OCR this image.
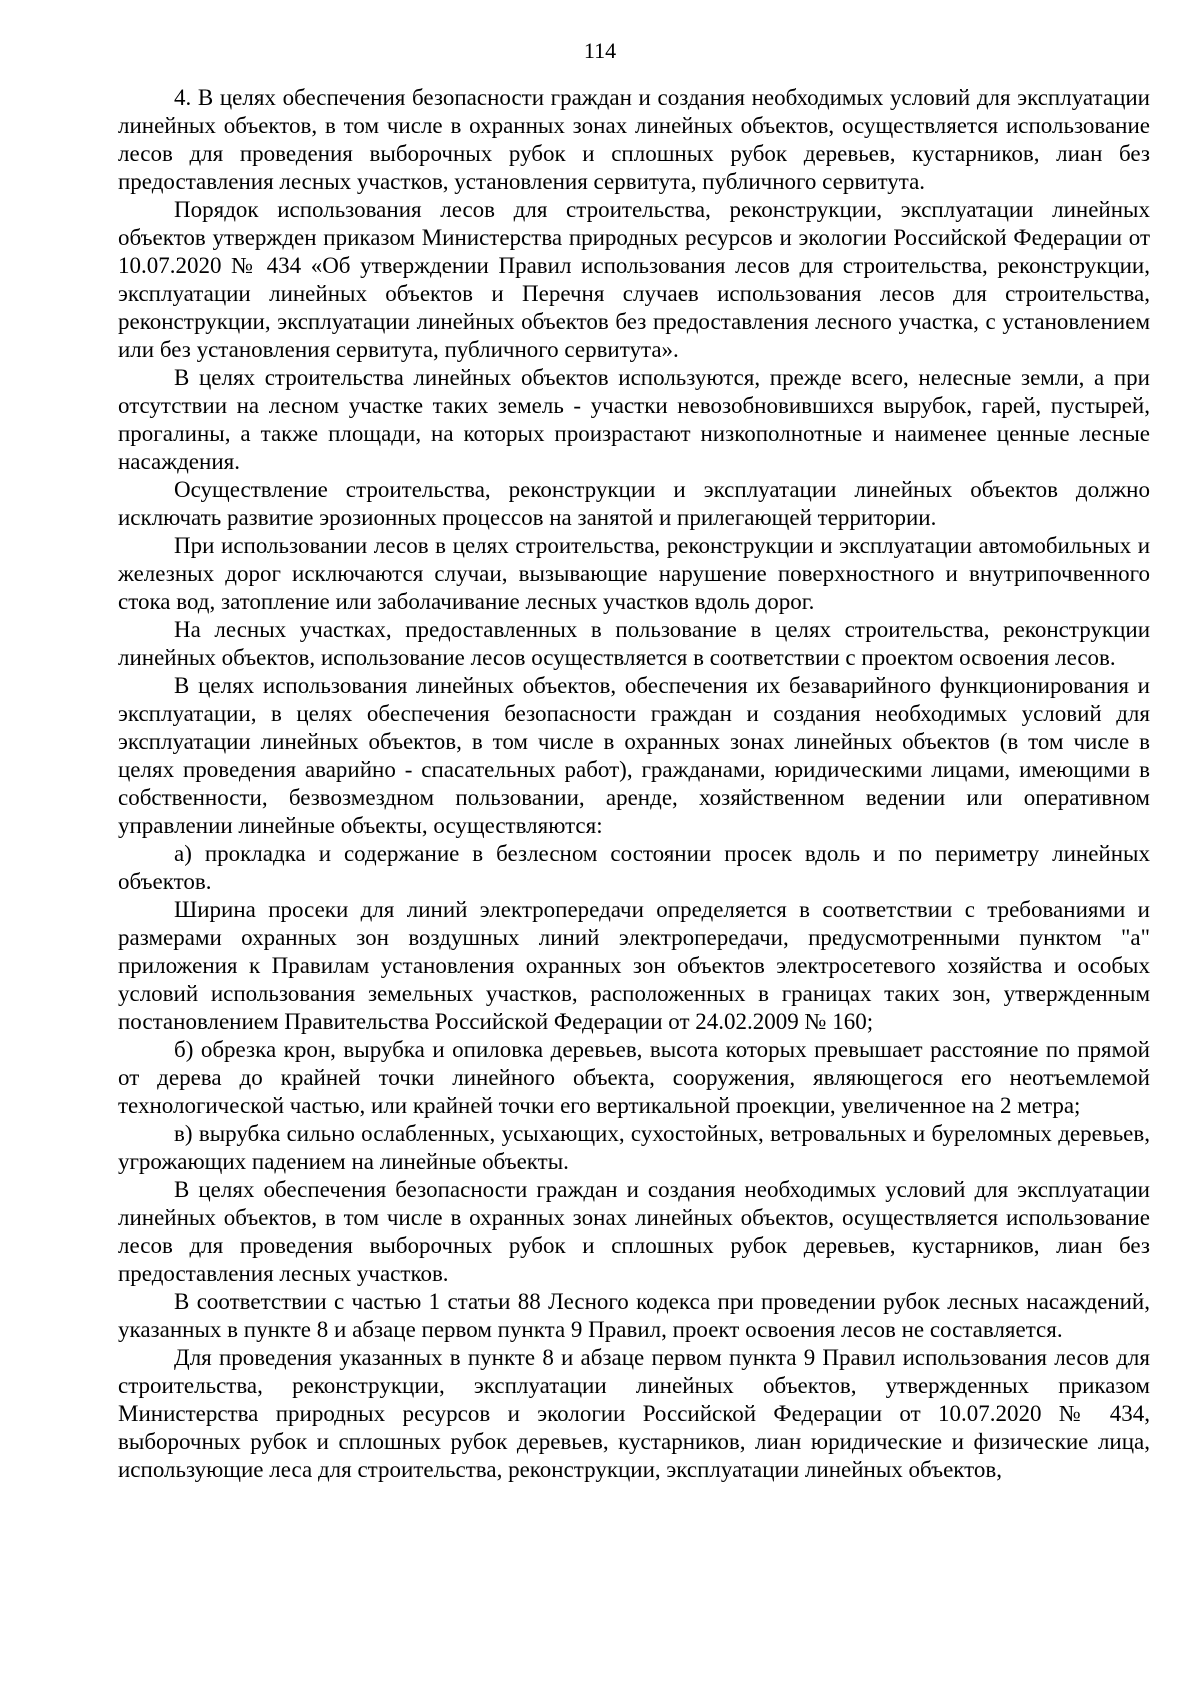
114

4. В целях обеспечения безопасности граждан и создания необходимых условий для эксплуатации линейных объектов, в том числе в охранных зонах линейных объектов, осуществляется использование лесов для проведения выборочных рубок и сплошных рубок деревьев, кустарников, лиан без предоставления лесных участков, установления сервитута, публичного сервитута.

Порядок использования лесов для строительства, реконструкции, эксплуатации линейных объектов утвержден приказом Министерства природных ресурсов и экологии Российской Федерации от 10.07.2020 № 434 «Об утверждении Правил использования лесов для строительства, реконструкции, эксплуатации линейных объектов и Перечня случаев использования лесов для строительства, реконструкции, эксплуатации линейных объектов без предоставления лесного участка, с установлением или без установления сервитута, публичного сервитута».

В целях строительства линейных объектов используются, прежде всего, нелесные земли, а при отсутствии на лесном участке таких земель - участки невозобновившихся вырубок, гарей, пустырей, прогалины, а также площади, на которых произрастают низкополнотные и наименее ценные лесные насаждения.

Осуществление строительства, реконструкции и эксплуатации линейных объектов должно исключать развитие эрозионных процессов на занятой и прилегающей территории.

При использовании лесов в целях строительства, реконструкции и эксплуатации автомобильных и железных дорог исключаются случаи, вызывающие нарушение поверхностного и внутрипочвенного стока вод, затопление или заболачивание лесных участков вдоль дорог.

На лесных участках, предоставленных в пользование в целях строительства, реконструкции линейных объектов, использование лесов осуществляется в соответствии с проектом освоения лесов.

В целях использования линейных объектов, обеспечения их безаварийного функционирования и эксплуатации, в целях обеспечения безопасности граждан и создания необходимых условий для эксплуатации линейных объектов, в том числе в охранных зонах линейных объектов (в том числе в целях проведения аварийно - спасательных работ), гражданами, юридическими лицами, имеющими в собственности, безвозмездном пользовании, аренде, хозяйственном ведении или оперативном управлении линейные объекты, осуществляются:

а) прокладка и содержание в безлесном состоянии просек вдоль и по периметру линейных объектов.

Ширина просеки для линий электропередачи определяется в соответствии с требованиями и размерами охранных зон воздушных линий электропередачи, предусмотренными пунктом "а" приложения к Правилам установления охранных зон объектов электросетевого хозяйства и особых условий использования земельных участков, расположенных в границах таких зон, утвержденным постановлением Правительства Российской Федерации от 24.02.2009 № 160;

б) обрезка крон, вырубка и опиловка деревьев, высота которых превышает расстояние по прямой от дерева до крайней точки линейного объекта, сооружения, являющегося его неотъемлемой технологической частью, или крайней точки его вертикальной проекции, увеличенное на 2 метра;

в) вырубка сильно ослабленных, усыхающих, сухостойных, ветровальных и буреломных деревьев, угрожающих падением на линейные объекты.

В целях обеспечения безопасности граждан и создания необходимых условий для эксплуатации линейных объектов, в том числе в охранных зонах линейных объектов, осуществляется использование лесов для проведения выборочных рубок и сплошных рубок деревьев, кустарников, лиан без предоставления лесных участков.

В соответствии с частью 1 статьи 88 Лесного кодекса при проведении рубок лесных насаждений, указанных в пункте 8 и абзаце первом пункта 9 Правил, проект освоения лесов не составляется.

Для проведения указанных в пункте 8 и абзаце первом пункта 9 Правил использования лесов для строительства, реконструкции, эксплуатации линейных объектов, утвержденных приказом Министерства природных ресурсов и экологии Российской Федерации от 10.07.2020 № 434, выборочных рубок и сплошных рубок деревьев, кустарников, лиан юридические и физические лица, использующие леса для строительства, реконструкции, эксплуатации линейных объектов,
